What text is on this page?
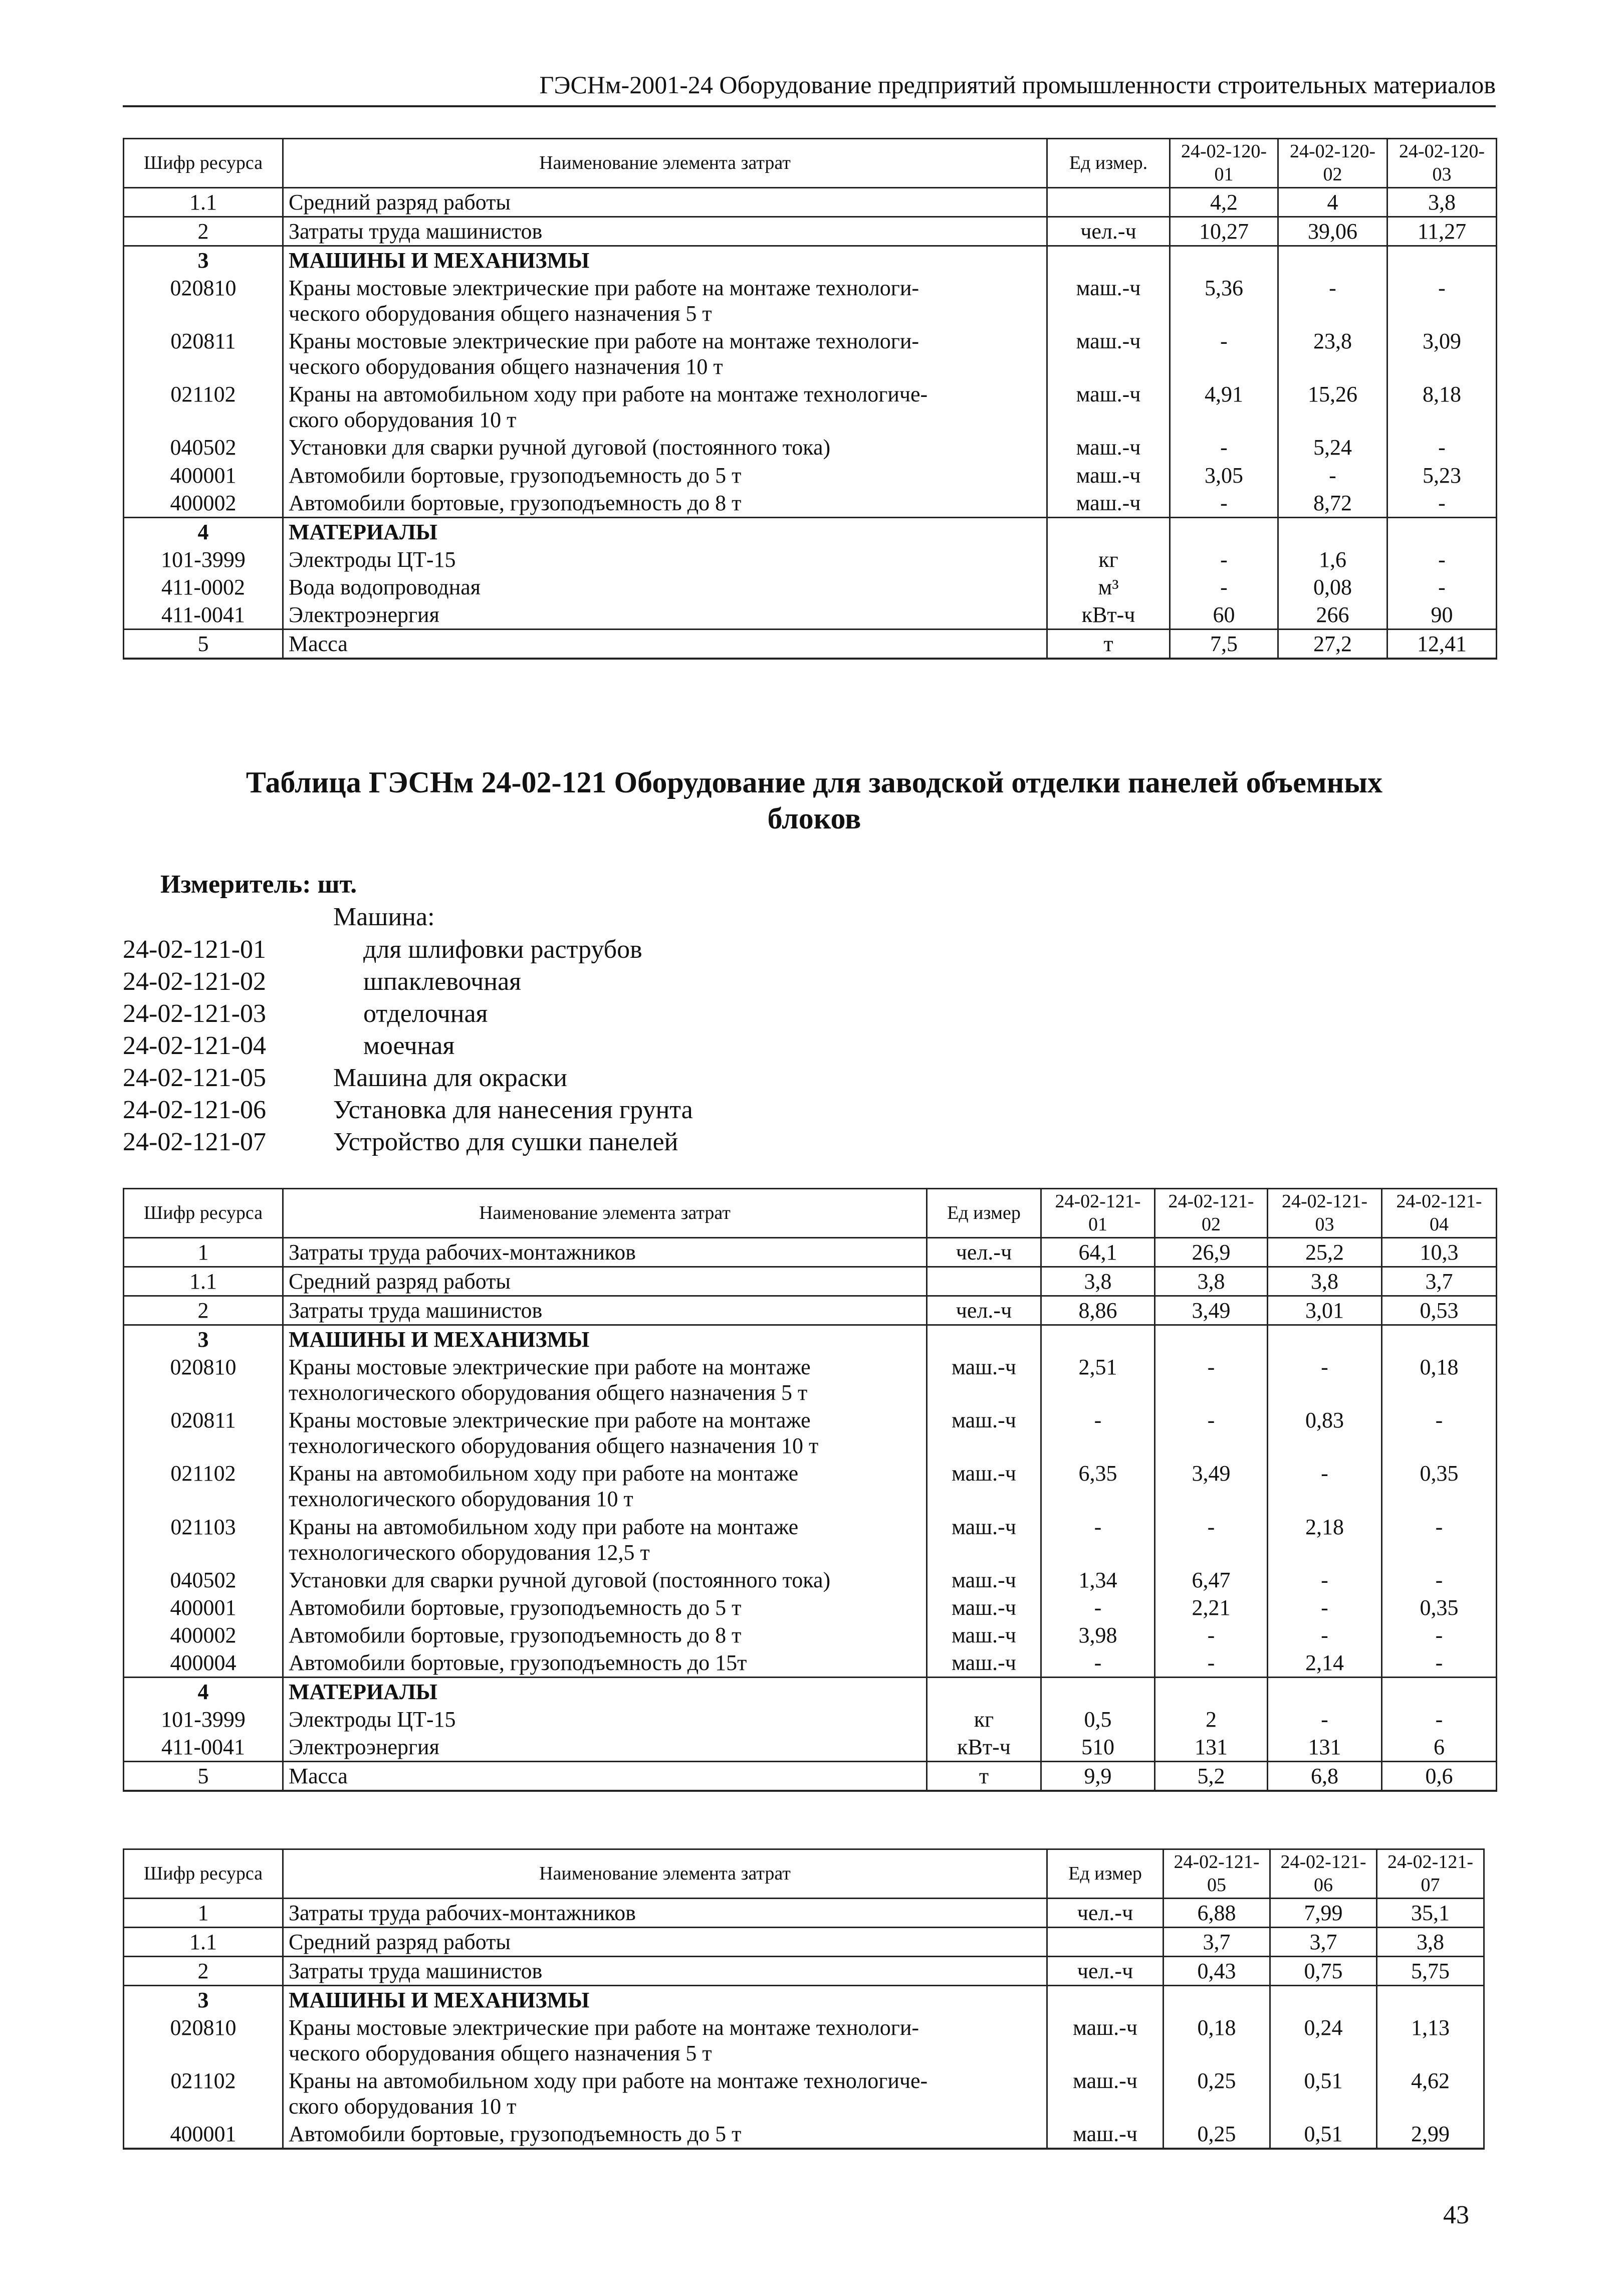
ГЭСНм-2001-24 Оборудование предприятий промышленности строительных материалов
Шифр ресурса	Наименование элемента затрат	Ед измер.	24-02-120-01	24-02-120-02	24-02-120-03
1.1	Средний разряд работы		4,2	4	3,8
2	Затраты труда машинистов	чел.-ч	10,27	39,06	11,27
3	МАШИНЫ И МЕХАНИЗМЫ				

020810	Краны мостовые электрические при работе на монтаже технологи-
ческого оборудования общего назначения 5 т	маш.-ч	5,36	-	-
020811	Краны мостовые электрические при работе на монтаже технологи-
ческого оборудования общего назначения 10 т	маш.-ч	-	23,8	3,09
021102	Краны на автомобильном ходу при работе на монтаже технологиче-
ского оборудования 10 т	маш.-ч	4,91	15,26	8,18
040502	Установки для сварки ручной дуговой (постоянного тока)	маш.-ч	-	5,24	-
400001	Автомобили бортовые, грузоподъемность до 5 т	маш.-ч	3,05	-	5,23
400002	Автомобили бортовые, грузоподъемность до 8 т	маш.-ч	-	8,72	-
4	МАТЕРИАЛЫ				

101-3999	Электроды ЦТ-15	кг	-	1,6	-
411-0002	Вода водопроводная	м³	-	0,08	-
411-0041	Электроэнергия	кВт-ч	60	266	90
5	Масса	т	7,5	27,2	12,41
Таблица ГЭСНм 24-02-121 Оборудование для заводской отделки панелей объемных
блоков
Измеритель: шт.
Машина:
24-02-121-01	для шлифовки раструбов
24-02-121-02	шпаклевочная
24-02-121-03	отделочная
24-02-121-04	моечная
24-02-121-05	Машина для окраски
24-02-121-06	Установка для нанесения грунта
24-02-121-07	Устройство для сушки панелей
Шифр ресурса	Наименование элемента затрат	Ед измер	24-02-121-01	24-02-121-02	24-02-121-03	24-02-121-04
1	Затраты труда рабочих-монтажников	чел.-ч	64,1	26,9	25,2	10,3
1.1	Средний разряд работы		3,8	3,8	3,8	3,7
2	Затраты труда машинистов	чел.-ч	8,86	3,49	3,01	0,53
3	МАШИНЫ И МЕХАНИЗМЫ					

020810	Краны мостовые электрические при работе на монтаже
технологического оборудования общего назначения 5 т	маш.-ч	2,51	-	-	0,18
020811	Краны мостовые электрические при работе на монтаже
технологического оборудования общего назначения 10 т	маш.-ч	-	-	0,83	-
021102	Краны на автомобильном ходу при работе на монтаже
технологического оборудования 10 т	маш.-ч	6,35	3,49	-	0,35
021103	Краны на автомобильном ходу при работе на монтаже
технологического оборудования 12,5 т	маш.-ч	-	-	2,18	-
040502	Установки для сварки ручной дуговой (постоянного тока)	маш.-ч	1,34	6,47	-	-
400001	Автомобили бортовые, грузоподъемность до 5 т	маш.-ч	-	2,21	-	0,35
400002	Автомобили бортовые, грузоподъемность до 8 т	маш.-ч	3,98	-	-	-
400004	Автомобили бортовые, грузоподъемность до 15т	маш.-ч	-	-	2,14	-
4	МАТЕРИАЛЫ					

101-3999	Электроды ЦТ-15	кг	0,5	2	-	-
411-0041	Электроэнергия	кВт-ч	510	131	131	6
5	Масса	т	9,9	5,2	6,8	0,6
Шифр ресурса	Наименование элемента затрат	Ед измер	24-02-121-05	24-02-121-06	24-02-121-07
1	Затраты труда рабочих-монтажников	чел.-ч	6,88	7,99	35,1
1.1	Средний разряд работы		3,7	3,7	3,8
2	Затраты труда машинистов	чел.-ч	0,43	0,75	5,75
3	МАШИНЫ И МЕХАНИЗМЫ				

020810	Краны мостовые электрические при работе на монтаже технологи-
ческого оборудования общего назначения 5 т	маш.-ч	0,18	0,24	1,13
021102	Краны на автомобильном ходу при работе на монтаже технологиче-
ского оборудования 10 т	маш.-ч	0,25	0,51	4,62
400001	Автомобили бортовые, грузоподъемность до 5 т	маш.-ч	0,25	0,51	2,99
43
